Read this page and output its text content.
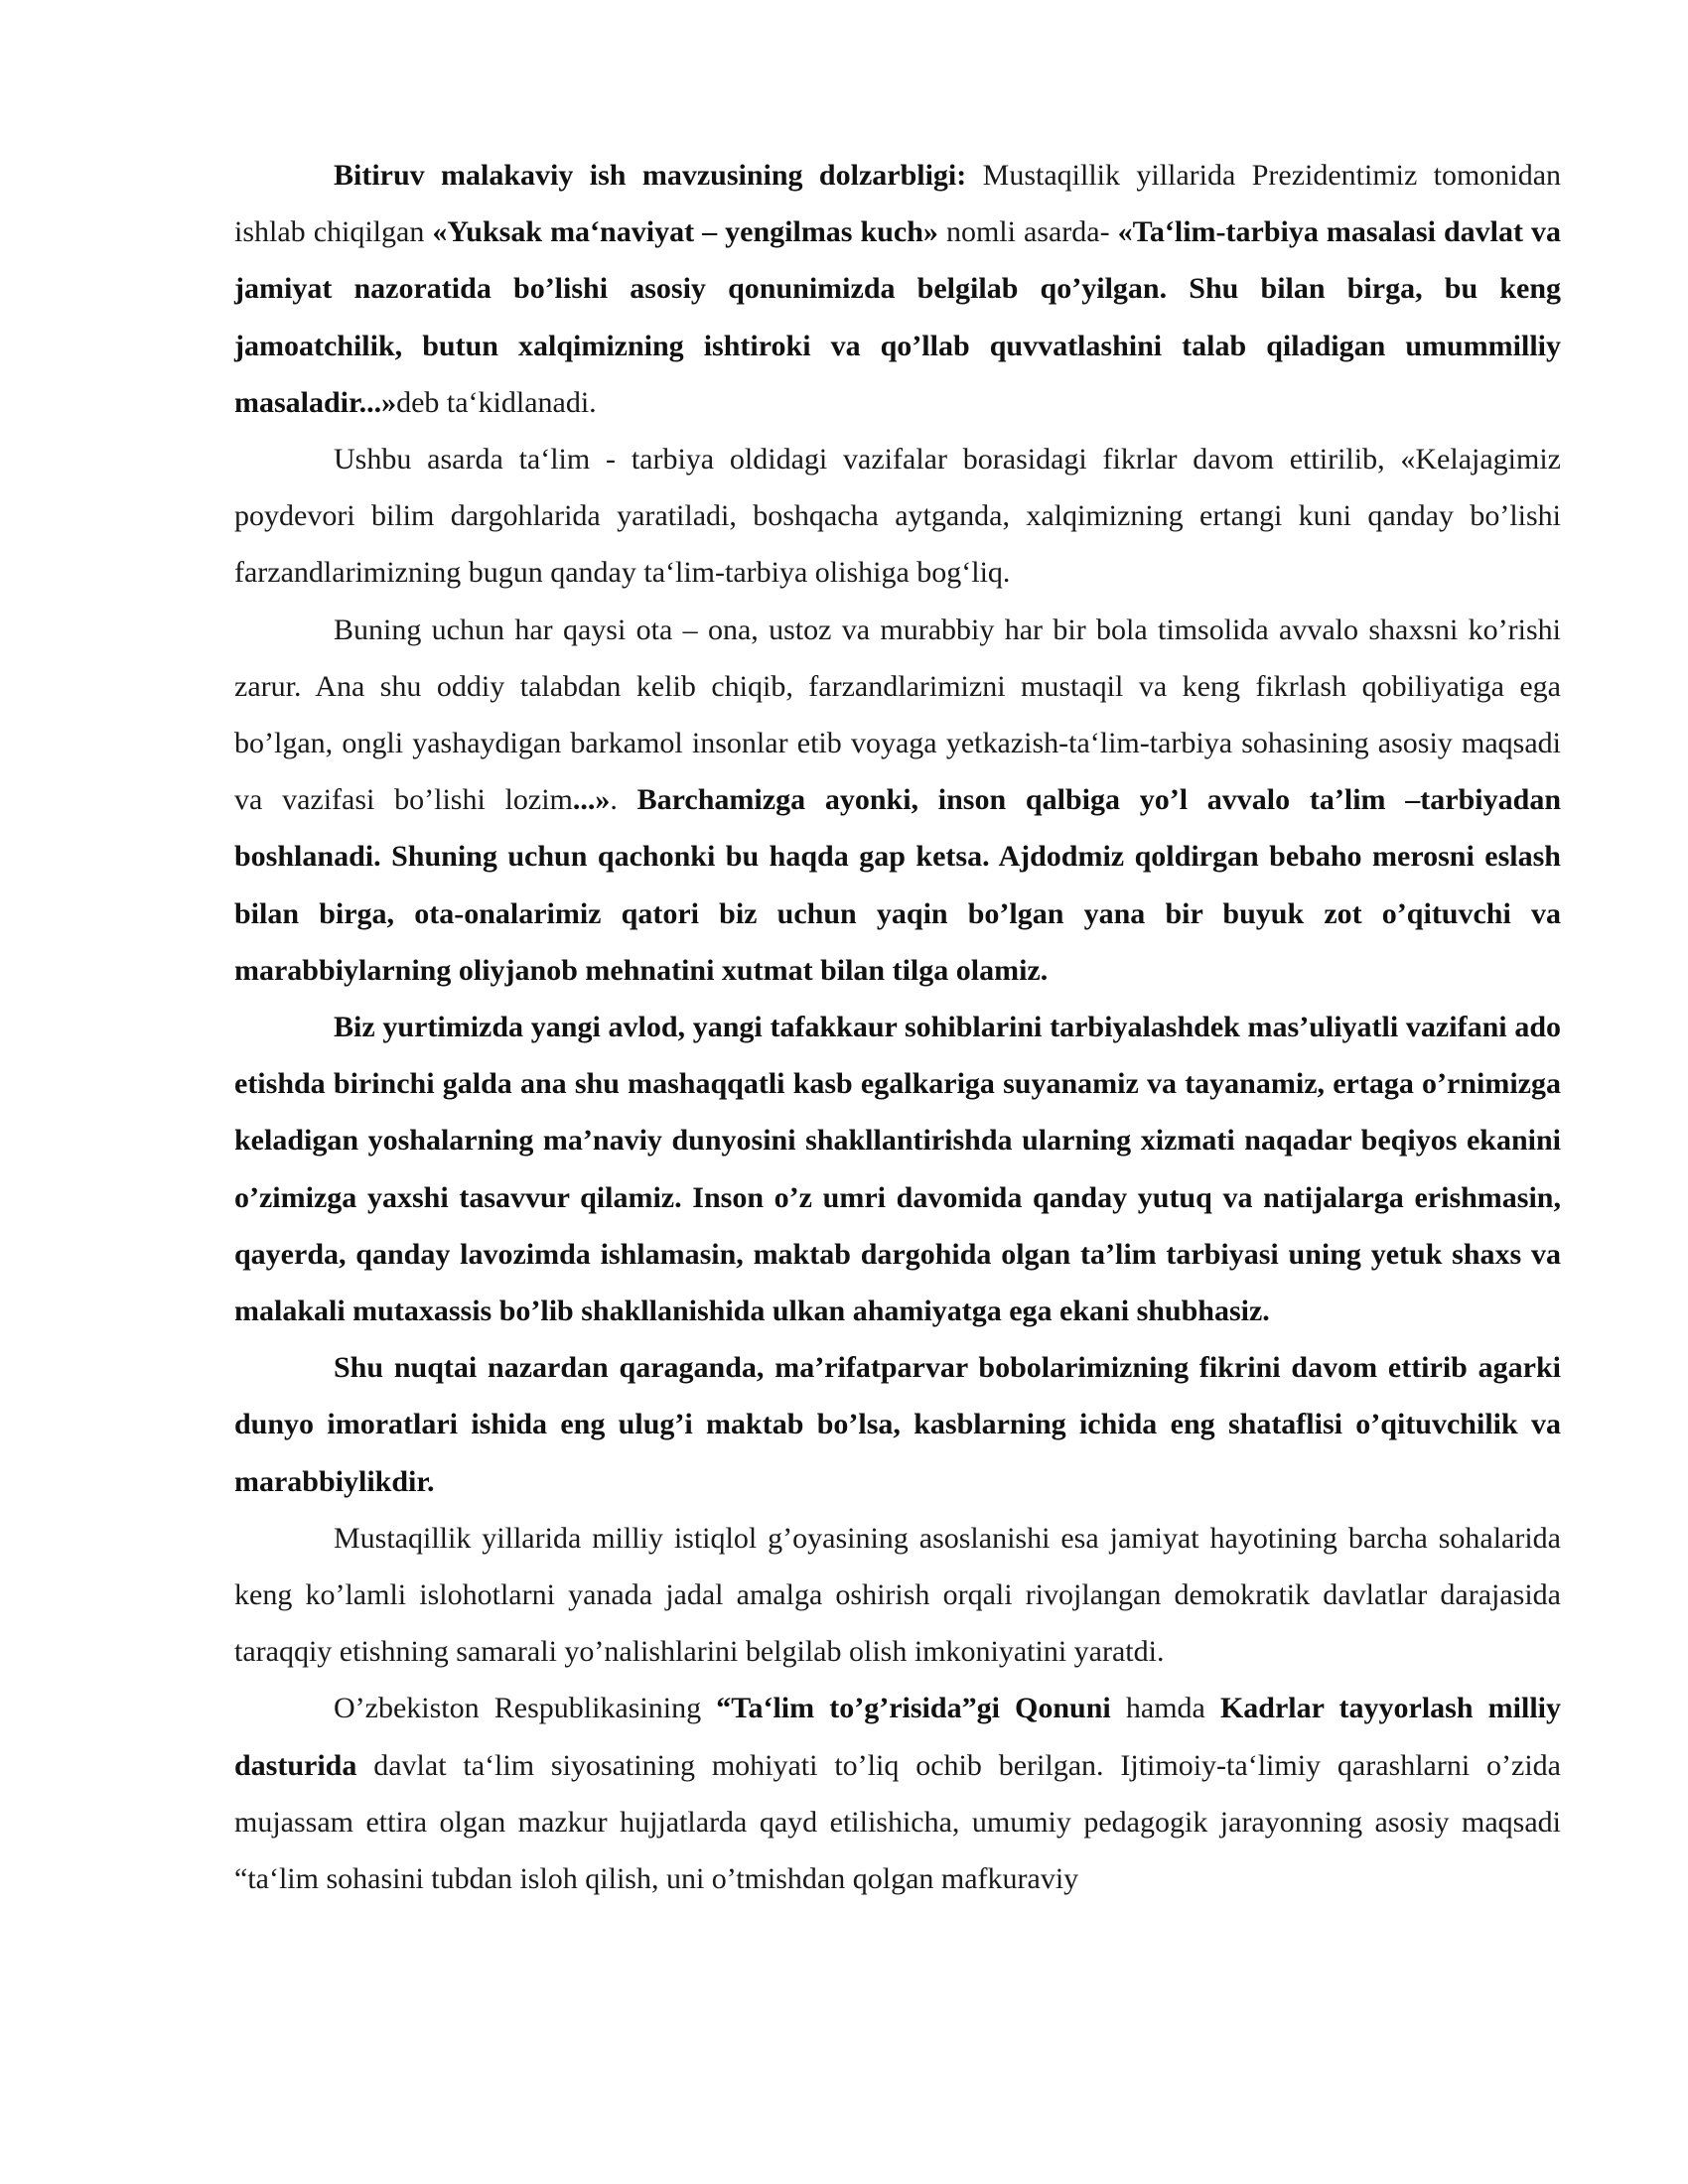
Bitiruv malakaviy ish mavzusining dolzarbligi: Mustaqillik yillarida Prezidentimiz tomonidan ishlab chiqilgan «Yuksak ma‘naviyat – yengilmas kuch» nomli asarda- «Ta‘lim-tarbiya masalasi davlat va jamiyat nazoratida bo’lishi asosiy qonunimizda belgilab qo’yilgan. Shu bilan birga, bu keng jamoatchilik, butun xalqimizning ishtiroki va qo’llab quvvatlashini talab qiladigan umummilliy masaladir...»deb ta‘kidlanadi.

Ushbu asarda ta‘lim - tarbiya oldidagi vazifalar borasidagi fikrlar davom ettirilib, «Kelajagimiz poydevori bilim dargohlarida yaratiladi, boshqacha aytganda, xalqimizning ertangi kuni qanday bo’lishi farzandlarimizning bugun qanday ta‘lim-tarbiya olishiga bog‘liq.

Buning uchun har qaysi ota – ona, ustoz va murabbiy har bir bola timsolida avvalo shaxsni ko’rishi zarur. Ana shu oddiy talabdan kelib chiqib, farzandlarimizni mustaqil va keng fikrlash qobiliyatiga ega bo’lgan, ongli yashaydigan barkamol insonlar etib voyaga yetkazish-ta‘lim-tarbiya sohasining asosiy maqsadi va vazifasi bo’lishi lozim...». Barchamizga ayonki, inson qalbiga yo’l avvalo ta’lim –tarbiyadan boshlanadi. Shuning uchun qachonki bu haqda gap ketsa. Ajdodmiz qoldirgan bebaho merosni eslash bilan birga, ota-onalarimiz qatori biz uchun yaqin bo’lgan yana bir buyuk zot o’qituvchi va marabbiylarning oliyjanob mehnatini xutmat bilan tilga olamiz.

Biz yurtimizda yangi avlod, yangi tafakkaur sohiblarini tarbiyalashdek mas’uliyatli vazifani ado etishda birinchi galda ana shu mashaqqatli kasb egalkariga suyanamiz va tayanamiz, ertaga o’rnimizga keladigan yoshalarning ma’naviy dunyosini shakllantirishda ularning xizmati naqadar beqiyos ekanini o’zimizga yaxshi tasavvur qilamiz. Inson o’z umri davomida qanday yutuq va natijalarga erishmasin, qayerda, qanday lavozimda ishlamasin, maktab dargohida olgan ta’lim tarbiyasi uning yetuk shaxs va malakali mutaxassis bo’lib shakllanishida ulkan ahamiyatga ega ekani shubhasiz.

Shu nuqtai nazardan qaraganda, ma’rifatparvar bobolarimizning fikrini davom ettirib agarki dunyo imoratlari ishida eng ulug’i maktab bo’lsa, kasblarning ichida eng shataflisi o’qituvchilik va marabbiylikdir.

Mustaqillik yillarida milliy istiqlol g’oyasining asoslanishi esa jamiyat hayotining barcha sohalarida keng ko’lamli islohotlarni yanada jadal amalga oshirish orqali rivojlangan demokratik davlatlar darajasida taraqqiy etishning samarali yo’nalishlarini belgilab olish imkoniyatini yaratdi.

O’zbekiston Respublikasining “Ta‘lim to’g’risida”gi Qonuni hamda Kadrlar tayyorlash milliy dasturida davlat ta‘lim siyosatining mohiyati to’liq ochib berilgan. Ijtimoiy-ta‘limiy qarashlarni o’zida mujassam ettira olgan mazkur hujjatlarda qayd etilishicha, umumiy pedagogik jarayonning asosiy maqsadi “ta‘lim sohasini tubdan isloh qilish, uni o’tmishdan qolgan mafkuraviy
